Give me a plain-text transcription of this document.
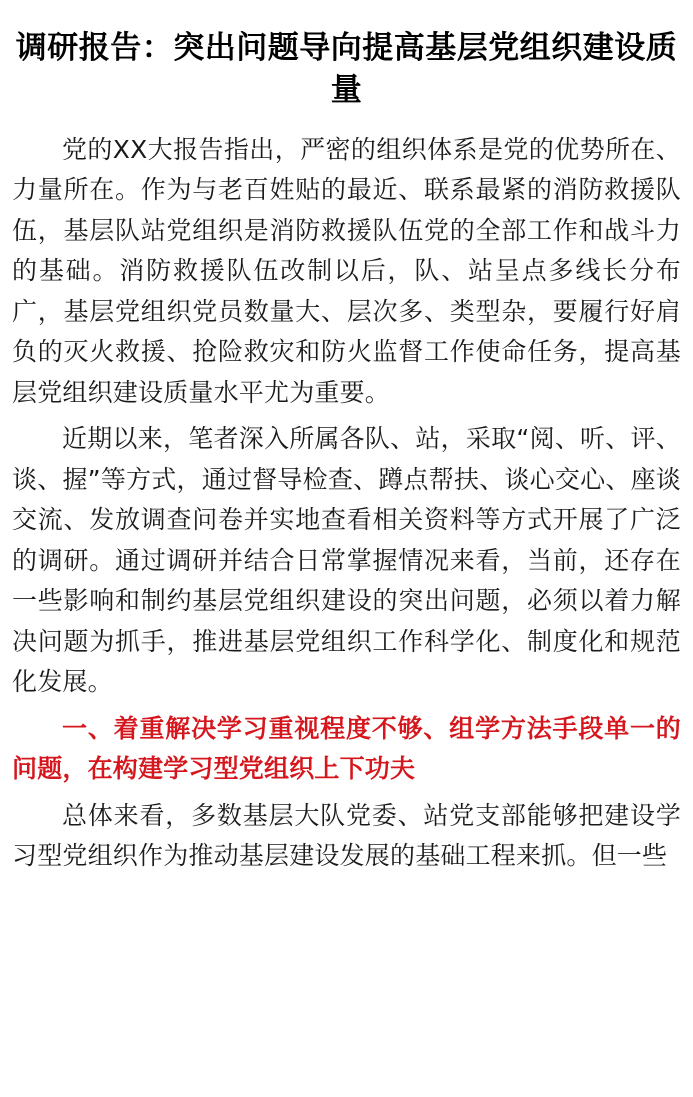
调研报告：突出问题导向提高基层党组织建设质量

党的XX大报告指出，严密的组织体系是党的优势所在、力量所在。作为与老百姓贴的最近、联系最紧的消防救援队伍，基层队站党组织是消防救援队伍党的全部工作和战斗力的基础。消防救援队伍改制以后，队、站呈点多线长分布广，基层党组织党员数量大、层次多、类型杂，要履行好肩负的灭火救援、抢险救灾和防火监督工作使命任务，提高基层党组织建设质量水平尤为重要。

近期以来，笔者深入所属各队、站，采取“阅、听、评、谈、握”等方式，通过督导检查、蹲点帮扶、谈心交心、座谈交流、发放调查问卷并实地查看相关资料等方式开展了广泛的调研。通过调研并结合日常掌握情况来看，当前，还存在一些影响和制约基层党组织建设的突出问题，必须以着力解决问题为抓手，推进基层党组织工作科学化、制度化和规范化发展。

一、着重解决学习重视程度不够、组学方法手段单一的问题，在构建学习型党组织上下功夫

总体来看，多数基层大队党委、站党支部能够把建设学习型党组织作为推动基层建设发展的基础工程来抓。但一些
